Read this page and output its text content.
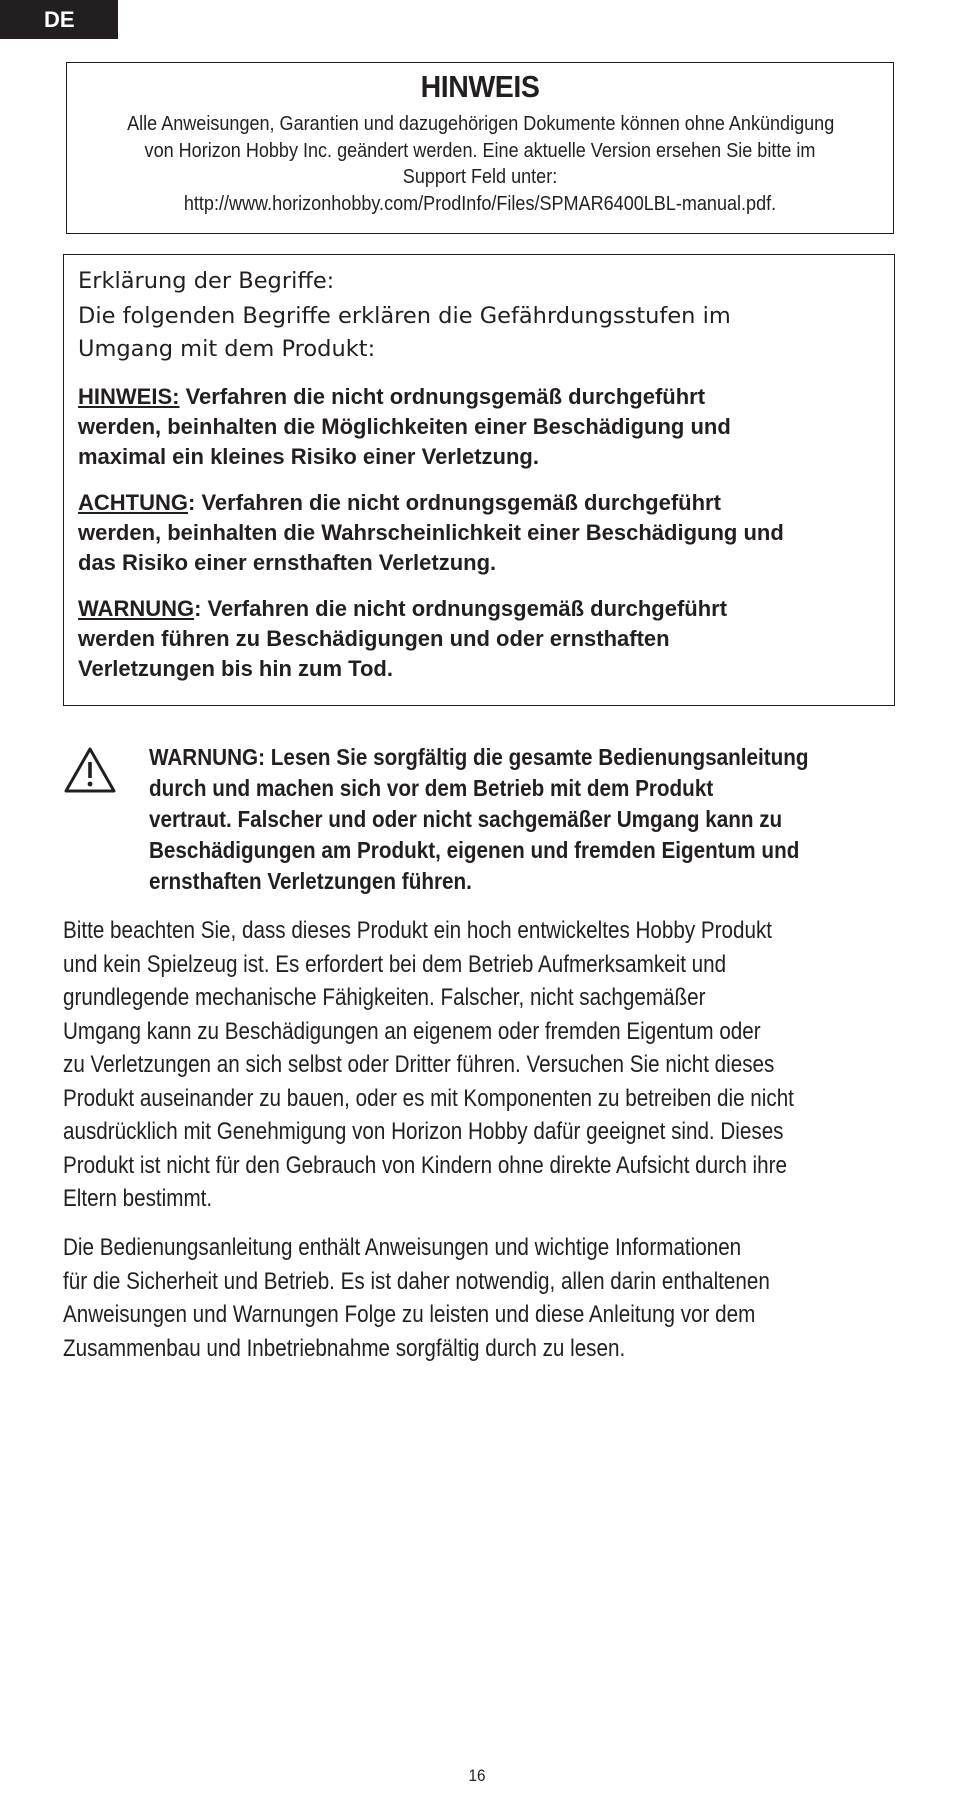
DE
HINWEIS
Alle Anweisungen, Garantien und dazugehörigen Dokumente können ohne Ankündigung
von Horizon Hobby Inc. geändert werden. Eine aktuelle Version ersehen Sie bitte im
Support Feld unter:
http://www.horizonhobby.com/ProdInfo/Files/SPMAR6400LBL-manual.pdf.
Erklärung der Begriffe:
Die folgenden Begriffe erklären die Gefährdungsstufen im
Umgang mit dem Produkt:
HINWEIS: Verfahren die nicht ordnungsgemäß durchgeführt
werden, beinhalten die Möglichkeiten einer Beschädigung und
maximal ein kleines Risiko einer Verletzung.
ACHTUNG: Verfahren die nicht ordnungsgemäß durchgeführt
werden, beinhalten die Wahrscheinlichkeit einer Beschädigung und
das Risiko einer ernsthaften Verletzung.
WARNUNG: Verfahren die nicht ordnungsgemäß durchgeführt
werden führen zu Beschädigungen und oder ernsthaften
Verletzungen bis hin zum Tod.
WARNUNG: Lesen Sie sorgfältig die gesamte Bedienungsanleitung
durch und machen sich vor dem Betrieb mit dem Produkt
vertraut. Falscher und oder nicht sachgemäßer Umgang kann zu
Beschädigungen am Produkt, eigenen und fremden Eigentum und
ernsthaften Verletzungen führen.
Bitte beachten Sie, dass dieses Produkt ein hoch entwickeltes Hobby Produkt
und kein Spielzeug ist. Es erfordert bei dem Betrieb Aufmerksamkeit und
grundlegende mechanische Fähigkeiten. Falscher, nicht sachgemäßer
Umgang kann zu Beschädigungen an eigenem oder fremden Eigentum oder
zu Verletzungen an sich selbst oder Dritter führen. Versuchen Sie nicht dieses
Produkt auseinander zu bauen, oder es mit Komponenten zu betreiben die nicht
ausdrücklich mit Genehmigung von Horizon Hobby dafür geeignet sind. Dieses
Produkt ist nicht für den Gebrauch von Kindern ohne direkte Aufsicht durch ihre
Eltern bestimmt.
Die Bedienungsanleitung enthält Anweisungen und wichtige Informationen
für die Sicherheit und Betrieb. Es ist daher notwendig, allen darin enthaltenen
Anweisungen und Warnungen Folge zu leisten und diese Anleitung vor dem
Zusammenbau und Inbetriebnahme sorgfältig durch zu lesen.
16
